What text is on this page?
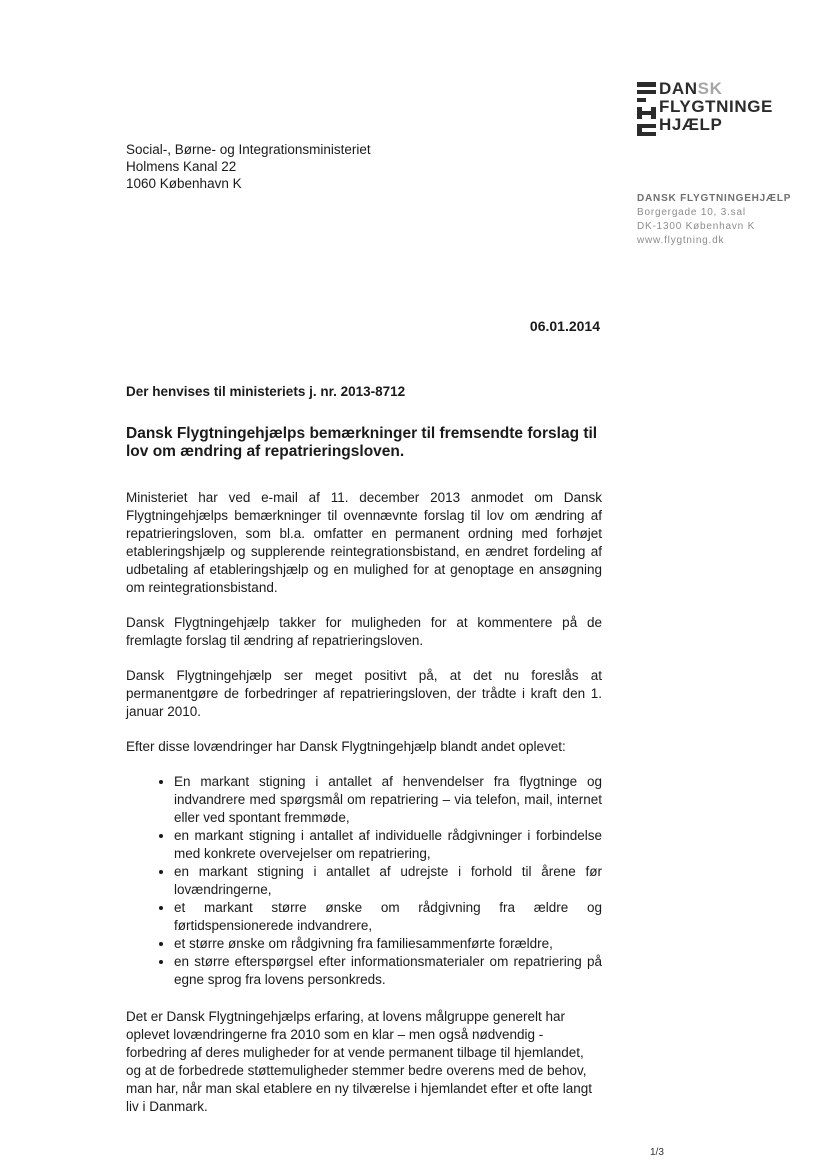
DANSK
FLYGTNINGE
HJÆLP
DANSK FLYGTNINGEHJÆLP
Borgergade 10, 3.sal
DK-1300 København K
www.flygtning.dk
Social-, Børne- og Integrationsministeriet
Holmens Kanal 22
1060 København K
06.01.2014
Der henvises til ministeriets j. nr. 2013-8712
Dansk Flygtningehjælps bemærkninger til fremsendte forslag til lov om ændring af repatrieringsloven.

Ministeriet har ved e-mail af 11. december 2013 anmodet om Dansk Flygtningehjælps bemærkninger til ovennævnte forslag til lov om ændring af repatrieringsloven, som bl.a. omfatter en permanent ordning med forhøjet etableringshjælp og supplerende reintegrationsbistand, en ændret fordeling af udbetaling af etableringshjælp og en mulighed for at genoptage en ansøgning om reintegrationsbistand.

Dansk Flygtningehjælp takker for muligheden for at kommentere på de fremlagte forslag til ændring af repatrieringsloven.

Dansk Flygtningehjælp ser meget positivt på, at det nu foreslås at permanentgøre de forbedringer af repatrieringsloven, der trådte i kraft den 1. januar 2010.

Efter disse lovændringer har Dansk Flygtningehjælp blandt andet oplevet:

• En markant stigning i antallet af henvendelser fra flygtninge og indvandrere med spørgsmål om repatriering – via telefon, mail, internet eller ved spontant fremmøde,
• en markant stigning i antallet af individuelle rådgivninger i forbindelse med konkrete overvejelser om repatriering,
• en markant stigning i antallet af udrejste i forhold til årene før lovændringerne,
• et markant større ønske om rådgivning fra ældre og førtidspensionerede indvandrere,
• et større ønske om rådgivning fra familiesammenførte forældre,
• en større efterspørgsel efter informationsmaterialer om repatriering på egne sprog fra lovens personkreds.

Det er Dansk Flygtningehjælps erfaring, at lovens målgruppe generelt har oplevet lovændringerne fra 2010 som en klar – men også nødvendig - forbedring af deres muligheder for at vende permanent tilbage til hjemlandet, og at de forbedrede støttemuligheder stemmer bedre overens med de behov, man har, når man skal etablere en ny tilværelse i hjemlandet efter et ofte langt liv i Danmark.

1/3
